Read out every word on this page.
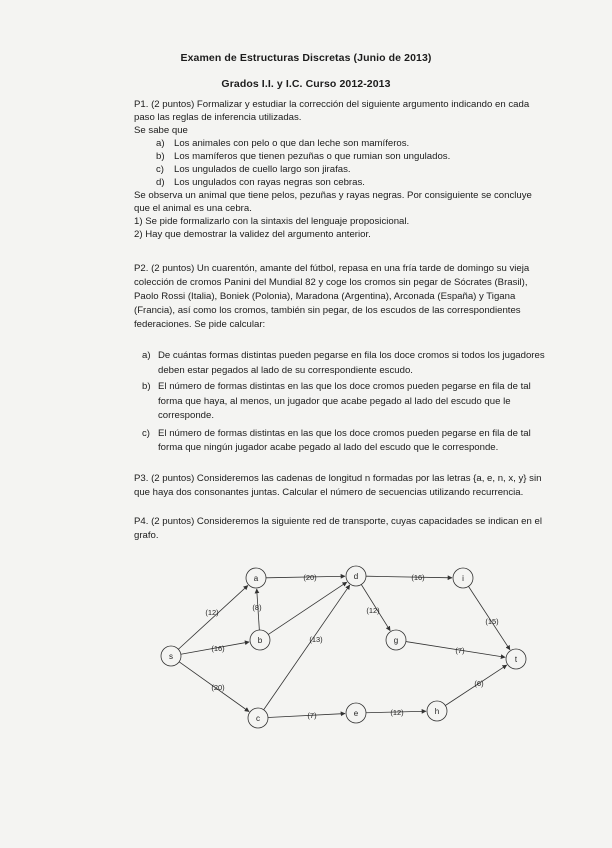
Examen de Estructuras Discretas (Junio de 2013)
Grados I.I. y I.C. Curso 2012-2013
P1. (2 puntos) Formalizar y estudiar la corrección del siguiente argumento indicando en cada
paso las reglas de inferencia utilizadas.
Se sabe que
a) Los animales con pelo o que dan leche son mamíferos.
b) Los mamíferos que tienen pezuñas o que rumian son ungulados.
c) Los ungulados de cuello largo son jirafas.
d) Los ungulados con rayas negras son cebras.
Se observa un animal que tiene pelos, pezuñas y rayas negras. Por consiguiente se concluye
que el animal es una cebra.
1) Se pide formalizarlo con la sintaxis del lenguaje proposicional.
2) Hay que demostrar la validez del argumento anterior.
P2. (2 puntos) Un cuarentón, amante del fútbol, repasa en una fría tarde de domingo su vieja
colección de cromos Panini del Mundial 82 y coge los cromos sin pegar de Sócrates (Brasil),
Paolo Rossi (Italia), Boniek (Polonia), Maradona (Argentina), Arconada (España) y Tigana
(Francia), así como los cromos, también sin pegar, de los escudos de las correspondientes
federaciones. Se pide calcular:
a) De cuántas formas distintas pueden pegarse en fila los doce cromos si todos los jugadores
deben estar pegados al lado de su correspondiente escudo.
b) El número de formas distintas en las que los doce cromos pueden pegarse en fila de tal
forma que haya, al menos, un jugador que acabe pegado al lado del escudo que le
corresponde.
c) El número de formas distintas en las que los doce cromos pueden pegarse en fila de tal
forma que ningún jugador acabe pegado al lado del escudo que le corresponde.
P3. (2 puntos) Consideremos las cadenas de longitud n formadas por las letras {a, e, n, x, y} sin
que haya dos consonantes juntas. Calcular el número de secuencias utilizando recurrencia.
P4. (2 puntos) Consideremos la siguiente red de transporte, cuyas capacidades se indican en el
grafo.
(12)
(16)
(20)
(8)
(20)
(13)
(16)
(12)
(15)
(7)
(7)	(12)
(6)
s
a
b
c
d
e
g
h
i
t
